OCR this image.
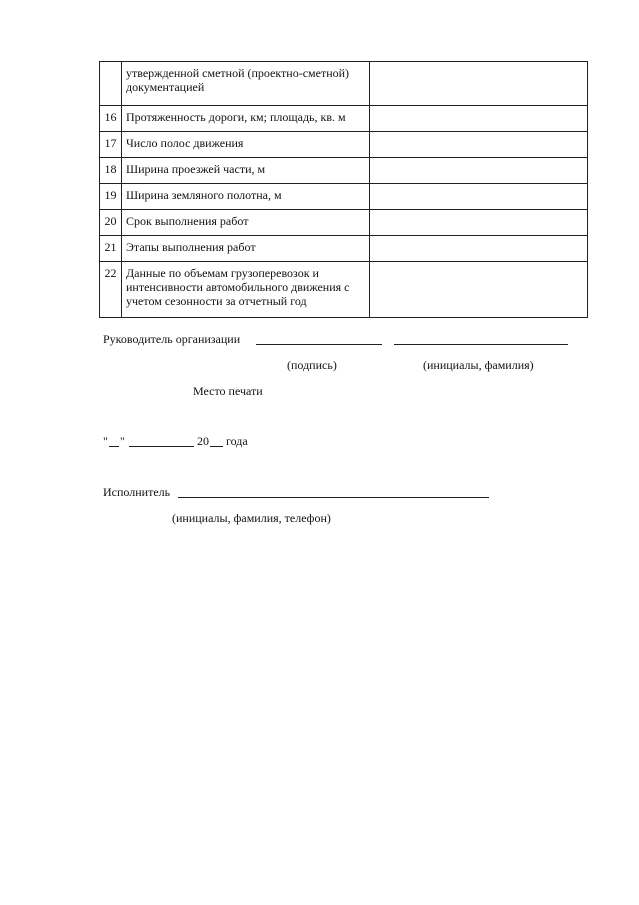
	утвержденной сметной (проектно-сметной) документацией	
16	Протяженность дороги, км; площадь, кв. м	
17	Число полос движения	
18	Ширина проезжей части, м	
19	Ширина земляного полотна, м	
20	Срок выполнения работ	
21	Этапы выполнения работ	
22	Данные по объемам грузоперевозок и интенсивности автомобильного движения с учетом сезонности за отчетный год	
Руководитель организации
(подпись)	(инициалы, фамилия)
Место печати
" "	20 года
Исполнитель
(инициалы, фамилия, телефон)
